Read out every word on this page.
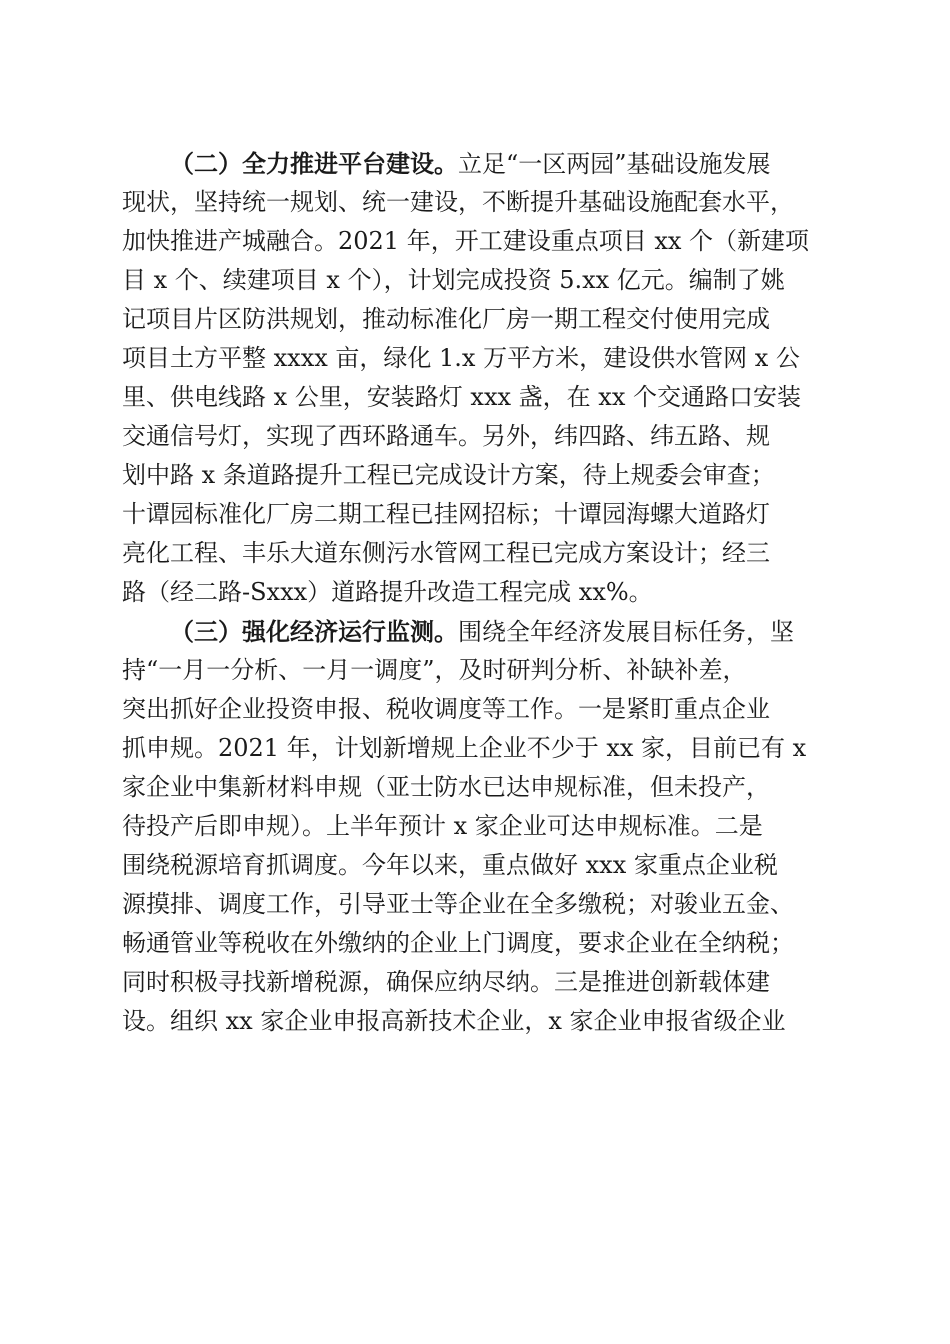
（二）全力推进平台建设。立足“一区两园”基础设施发展
现状，坚持统一规划、统一建设，不断提升基础设施配套水平，
加快推进产城融合。2021 年，开工建设重点项目 xx 个（新建项
目 x 个、续建项目 x 个），计划完成投资 5.xx 亿元。编制了姚
记项目片区防洪规划，推动标准化厂房一期工程交付使用完成
项目土方平整 xxxx 亩，绿化 1.x 万平方米，建设供水管网 x 公
里、供电线路 x 公里，安装路灯 xxx 盏，在 xx 个交通路口安装
交通信号灯，实现了西环路通车。另外，纬四路、纬五路、规
划中路 x 条道路提升工程已完成设计方案，待上规委会审查；
十谭园标准化厂房二期工程已挂网招标；十谭园海螺大道路灯
亮化工程、丰乐大道东侧污水管网工程已完成方案设计；经三
路（经二路-Sxxx）道路提升改造工程完成 xx%。
（三）强化经济运行监测。围绕全年经济发展目标任务，坚
持“一月一分析、一月一调度”，及时研判分析、补缺补差，
突出抓好企业投资申报、税收调度等工作。一是紧盯重点企业
抓申规。2021 年，计划新增规上企业不少于 xx 家，目前已有 x
家企业中集新材料申规（亚士防水已达申规标准，但未投产，
待投产后即申规）。上半年预计 x 家企业可达申规标准。二是
围绕税源培育抓调度。今年以来，重点做好 xxx 家重点企业税
源摸排、调度工作，引导亚士等企业在全多缴税；对骏业五金、
畅通管业等税收在外缴纳的企业上门调度，要求企业在全纳税；
同时积极寻找新增税源，确保应纳尽纳。三是推进创新载体建
设。组织 xx 家企业申报高新技术企业，x 家企业申报省级企业
